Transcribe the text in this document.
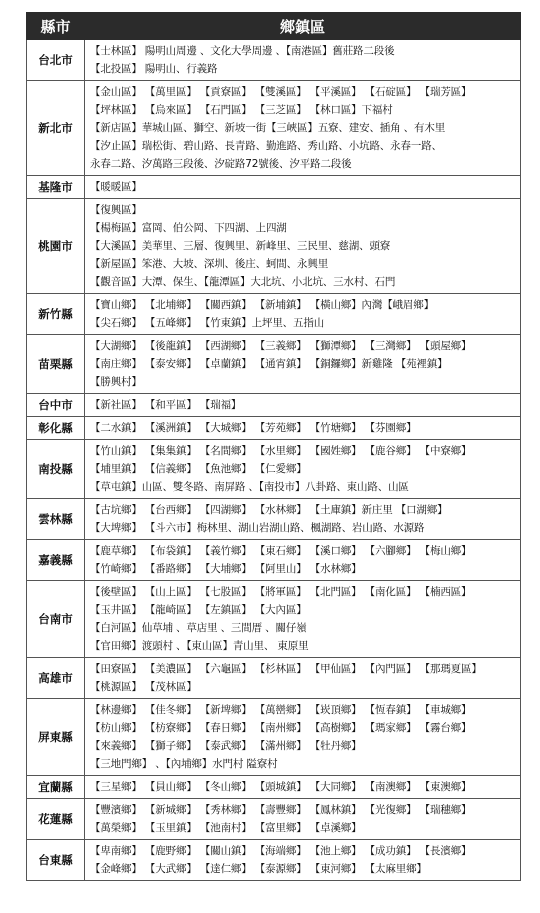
縣市	鄉鎮區
台北市	【士林區】 陽明山周邊 、文化大學周邊 、【南港區】舊莊路二段後
【北投區】 陽明山、行義路

新北市	【金山區】 【萬里區】 【貢寮區】 【雙溪區】 【平溪區】 【石碇區】 【瑞芳區】
【坪林區】 【烏來區】 【石門區】 【三芝區】 【林口區】下福村
【新店區】華城山區、獅空、新坡一街【三峽區】五寮、建安、插角 、有木里
【汐止區】瑞松街、碧山路、長青路、勤進路、秀山路、小坑路、永春一路、
永春二路、汐萬路三段後、汐碇路72號後、汐平路二段後

基隆市	【暖暖區】

桃園市	【復興區】
【楊梅區】富岡、伯公岡、下四湖、上四湖
【大溪區】美華里、三層、復興里、新峰里、三民里、慈湖、頭寮
【新屋區】笨港、大坡、深圳、後庄、蚵間、永興里
【觀音區】大潭、保生、【龍潭區】大北坑、小北坑、三水村、石門

新竹縣	【寶山鄉】 【北埔鄉】 【關西鎮】 【新埔鎮】 【橫山鄉】內灣【峨眉鄉】
【尖石鄉】 【五峰鄉】 【竹東鎮】上坪里、五指山

苗栗縣	【大湖鄉】 【後龍鎮】 【西湖鄉】 【三義鄉】 【獅潭鄉】 【三灣鄉】 【頭屋鄉】
【南庄鄉】 【泰安鄉】 【卓蘭鎮】 【通宵鎮】 【銅鑼鄉】新雞隆 【苑裡鎮】
【勝興村】

台中市	【新社區】 【和平區】 【瑞福】

彰化縣	【二水鎮】 【溪洲鎮】 【大城鄉】 【芳苑鄉】 【竹塘鄉】 【芬園鄉】

南投縣	【竹山鎮】 【集集鎮】 【名間鄉】 【水里鄉】 【國姓鄉】 【鹿谷鄉】 【中寮鄉】
【埔里鎮】 【信義鄉】 【魚池鄉】 【仁愛鄉】
【草屯鎮】山區、雙冬路、南屏路 、【南投市】八卦路、東山路、山區

雲林縣	【古坑鄉】 【台西鄉】 【四湖鄉】 【水林鄉】 【土庫鎮】新庄里 【口湖鄉】
【大埤鄉】 【斗六市】梅林里、湖山岩湖山路、楓湖路、岩山路、水源路

嘉義縣	【鹿草鄉】 【布袋鎮】 【義竹鄉】 【東石鄉】 【溪口鄉】 【六腳鄉】 【梅山鄉】
【竹崎鄉】 【番路鄉】 【大埔鄉】 【阿里山】 【水林鄉】

台南市	【後壁區】 【山上區】 【七股區】 【將軍區】 【北門區】 【南化區】 【楠西區】
【玉井區】 【龍崎區】 【左鎮區】 【大內區】
【白河區】仙草埔 、草店里 、三間厝 、關仔嶺
【官田鄉】渡頭村 、【東山區】青山里、 東原里

高雄市	【田寮區】 【美濃區】 【六龜區】 【杉林區】 【甲仙區】 【內門區】 【那瑪夏區】
【桃源區】 【茂林區】

屏東縣	【林邊鄉】 【佳冬鄉】 【新埤鄉】 【萬巒鄉】 【崁頂鄉】 【恆春鎮】 【車城鄉】
【枋山鄉】 【枋寮鄉】 【春日鄉】 【南州鄉】 【高樹鄉】 【瑪家鄉】 【霧台鄉】
【來義鄉】 【獅子鄉】 【泰武鄉】 【滿州鄉】 【牡丹鄉】
【三地門鄉】 、【內埔鄉】水門村 隘寮村

宜蘭縣	【三星鄉】 【員山鄉】 【冬山鄉】 【頭城鎮】 【大同鄉】 【南澳鄉】 【東澳鄉】

花蓮縣	【豐濱鄉】 【新城鄉】 【秀林鄉】 【壽豐鄉】 【鳳林鎮】 【光復鄉】 【瑞穗鄉】
【萬榮鄉】 【玉里鎮】 【池南村】 【富里鄉】 【卓溪鄉】

台東縣	【卑南鄉】 【鹿野鄉】 【關山鎮】 【海端鄉】 【池上鄉】 【成功鎮】 【長濱鄉】
【金峰鄉】 【大武鄉】 【達仁鄉】 【泰源鄉】 【東河鄉】 【太麻里鄉】
